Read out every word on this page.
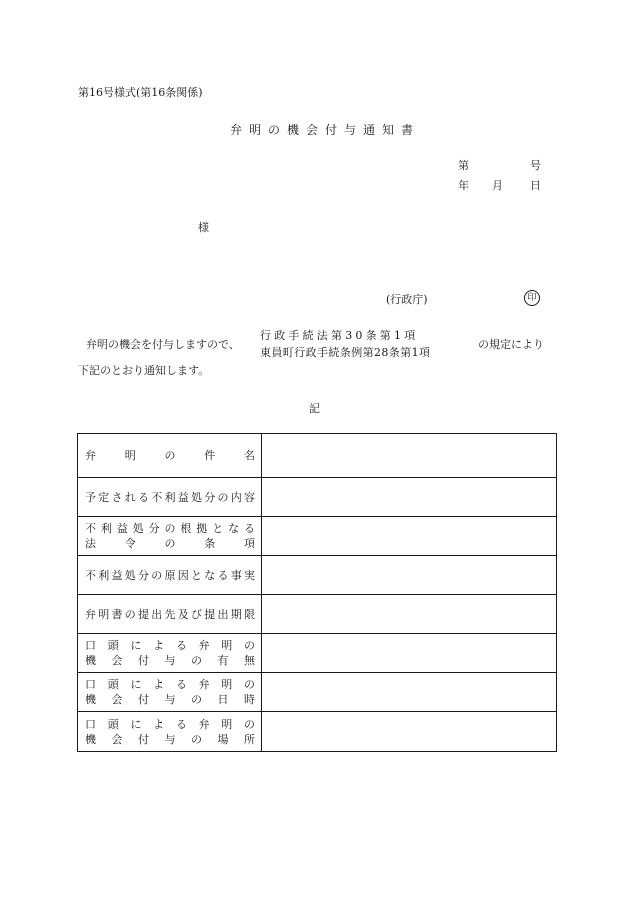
第16号様式(第16条関係)
弁明の機会付与通知書
第	号
年 月 日
様
(行政庁)	印
弁明の機会を付与しますので、
行政手続法第30条第1項
東員町行政手続条例第28条第1項
の規定により
下記のとおり通知します。
記
弁明の件名	

予定される不利益処分の内容	

不利益処分の根拠となる
法令の条項	

不利益処分の原因となる事実	

弁明書の提出先及び提出期限	

口頭による弁明の
機会付与の有無	

口頭による弁明の
機会付与の日時	

口頭による弁明の
機会付与の場所	
